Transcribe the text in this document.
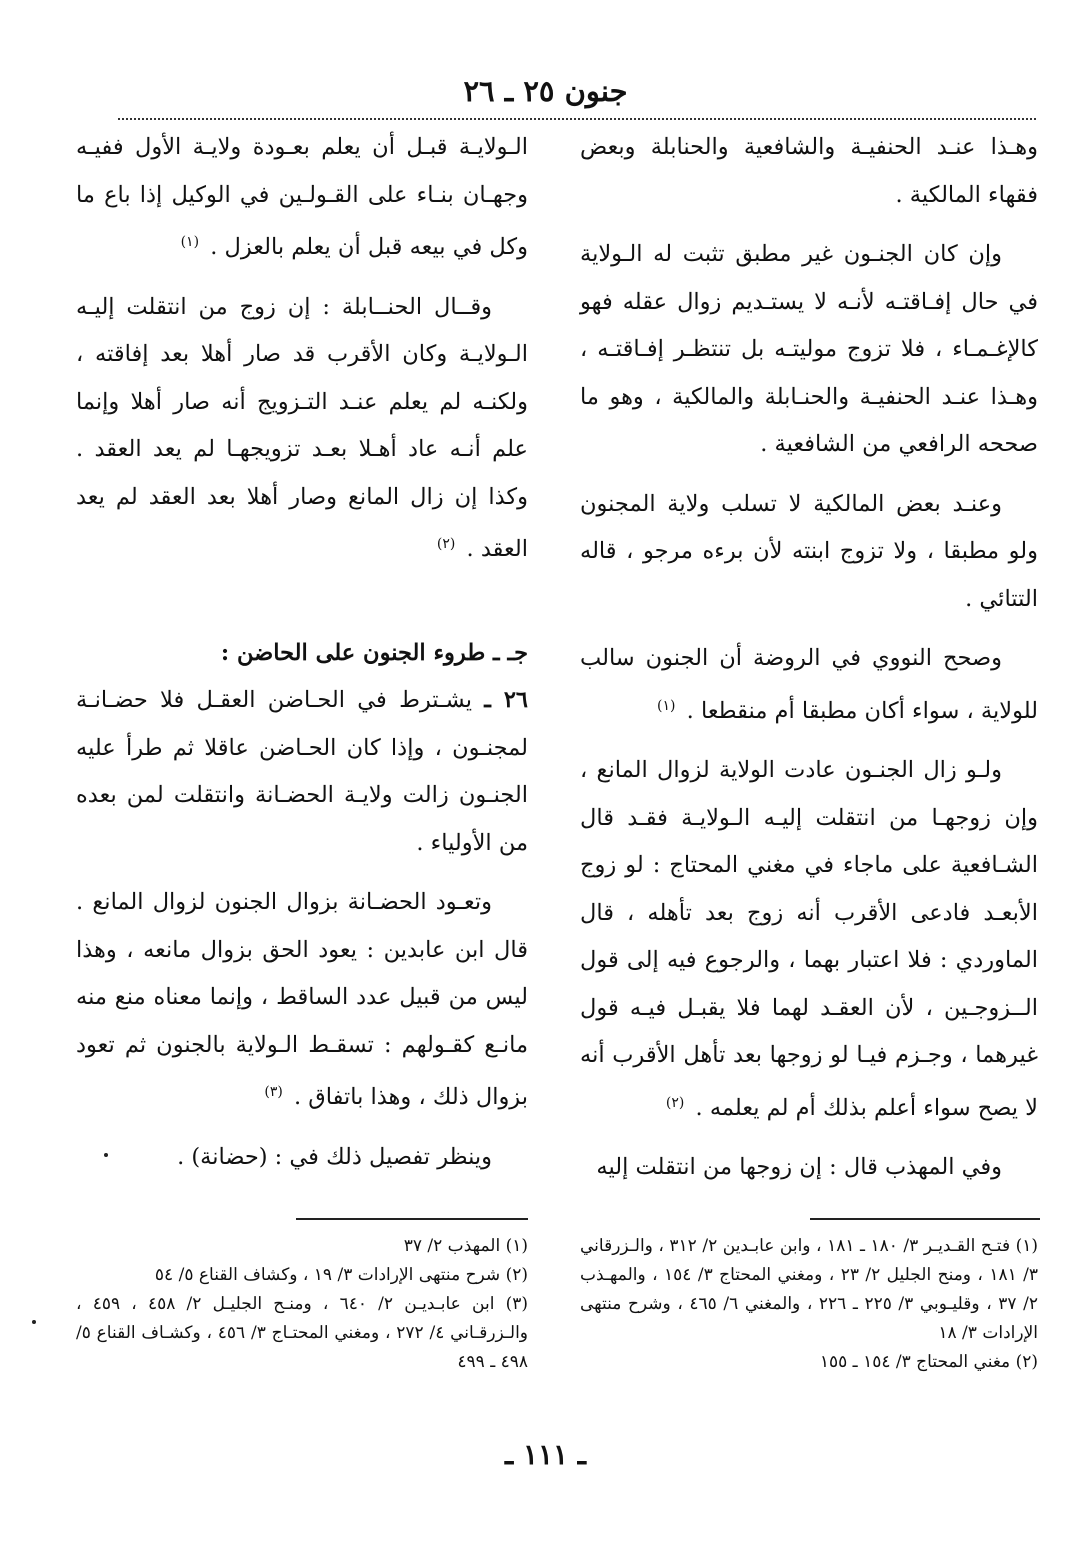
جنون ٢٥ ـ ٢٦

وهـذا عنـد الحنفيـة والشافعية والحنابلة وبعض فقهاء المالكية .

وإن كان الجنـون غير مطبق تثبت له الـولاية في حال إفـاقتـه لأنـه لا يستـديم زوال عقله فهو كالإغـمـاء ، فلا تزوج موليتـه بل تنتظـر إفـاقتـه ، وهـذا عنـد الحنفيـة والحنـابلة والمالكية ، وهو ما صححه الرافعي من الشافعية .

وعنـد بعض المالكية لا تسلب ولاية المجنون ولو مطبقا ، ولا تزوج ابنته لأن برءه مرجو ، قاله التتائي .

وصحح النووي في الروضة أن الجنون سالب للولاية ، سواء أكان مطبقا أم منقطعا . $^{(١)}$

ولـو زال الجنـون عادت الولاية لزوال المانع ، وإن زوجهـا من انتقلت إليـه الـولايـة فقـد قال الشـافعية على ماجاء في مغني المحتاج : لو زوج الأبعـد فادعى الأقرب أنه زوج بعد تأهله ، قال الماوردي : فلا اعتبار بهما ، والرجوع فيه إلى قول الــزوجـين ، لأن العقـد لهما فلا يقبـل فيـه قول غيرهما ، وجـزم فيـا لو زوجها بعد تأهل الأقرب أنه لا يصح سواء أعلم بذلك أم لم يعلمه . $^{(٢)}$

وفي المهذب قال : إن زوجها من انتقلت إليه

الـولايـة قبـل أن يعلم بعـودة ولايـة الأول ففيـه وجهـان بنـاء على القـولـين في الوكيل إذا باع ما وكل في بيعه قبل أن يعلم بالعزل . $^{(١)}$

وقــال الحنــابلة : إن زوج من انتقلت إليـه الـولايـة وكان الأقرب قد صار أهلا بعد إفاقته ، ولكنـه لم يعلم عنـد التـزويج أنه صار أهلا وإنما علم أنـه عاد أهـلا بعـد تزويجهـا لم يعد العقد . وكذا إن زال المانع وصار أهلا بعد العقد لم يعد العقد . $^{(٢)}$

جـ ـ طروء الجنون على الحاضن :

٢٦ ـ يشـترط في الحـاضن العقـل فلا حضـانـة لمجنـون ، وإذا كان الحـاضن عاقلا ثم طرأ عليه الجنـون زالت ولايـة الحضـانة وانتقلت لمن بعده من الأولياء .

وتعـود الحضـانة بزوال الجنون لزوال المانع . قال ابن عابدين : يعود الحق بزوال مانعه ، وهذا ليس من قبيل عدد الساقط ، وإنما معناه منع منه مانـع كقـولهم : تسقـط الـولاية بالجنون ثم تعود بزوال ذلك ، وهذا باتفاق . $^{(٣)}$

وينظر تفصيل ذلك في : (حضانة) .

(١) فتـح القـديـر ٣/ ١٨٠ ـ ١٨١ ، وابن عابـدين ٢/ ٣١٢ ، والـزرقاني ٣/ ١٨١ ، ومنح الجليل ٢/ ٢٣ ، ومغني المحتاج ٣/ ١٥٤ ، والمهـذب ٢/ ٣٧ ، وقليـوبي ٣/ ٢٢٥ ـ ٢٢٦ ، والمغني ٦/ ٤٦٥ ، وشرح منتهى الإرادات ٣/ ١٨

(٢) مغني المحتاج ٣/ ١٥٤ ـ ١٥٥

(١) المهذب ٢/ ٣٧

(٢) شرح منتهى الإرادات ٣/ ١٩ ، وكشاف القناع ٥/ ٥٤

(٣) ابن عابـديـن ٢/ ٦٤٠ ، ومنـح الجليـل ٢/ ٤٥٨ ، ٤٥٩ ، والـزرقـاني ٤/ ٢٧٢ ، ومغني المحتـاج ٣/ ٤٥٦ ، وكشـاف القناع ٥/ ٤٩٨ ـ ٤٩٩

ـ ١١١ ـ
